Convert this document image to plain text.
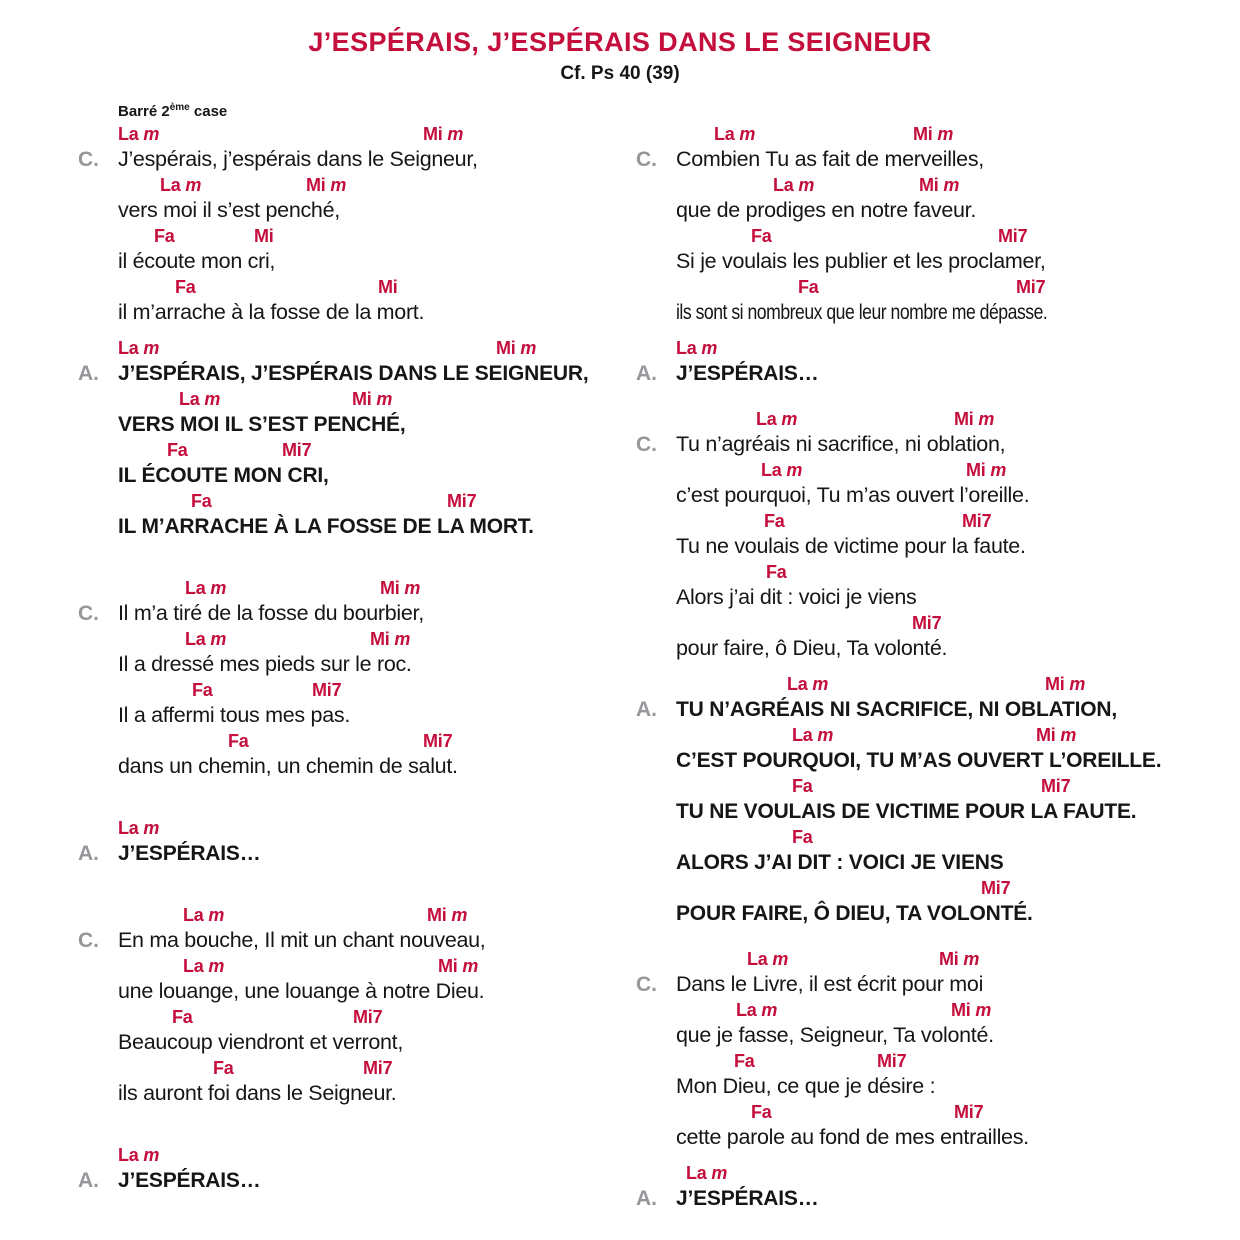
J’ESPÉRAIS, J’ESPÉRAIS DANS LE SEIGNEUR
Cf. Ps 40 (39)
Barré 2ème case
C.
La m	Mi m
J’espérais, j’espérais dans le Seigneur,
La m	Mi m
vers moi il s’est penché,
Fa	Mi
il écoute mon cri,
Fa	Mi
il m’arrache à la fosse de la mort.
A.
La m	Mi m
J’ESPÉRAIS, J’ESPÉRAIS DANS LE SEIGNEUR,
La m	Mi m
VERS MOI IL S’EST PENCHÉ,
Fa	Mi7
IL ÉCOUTE MON CRI,
Fa	Mi7
IL M’ARRACHE À LA FOSSE DE LA MORT.
C.
La m	Mi m
Il m’a tiré de la fosse du bourbier,
La m	Mi m
Il a dressé mes pieds sur le roc.
Fa	Mi7
Il a affermi tous mes pas.
Fa	Mi7
dans un chemin, un chemin de salut.
A.
La m
J’ESPÉRAIS…
C.
La m	Mi m
En ma bouche, Il mit un chant nouveau,
La m	Mi m
une louange, une louange à notre Dieu.
Fa	Mi7
Beaucoup viendront et verront,
Fa	Mi7
ils auront foi dans le Seigneur.
A.
La m
J’ESPÉRAIS…
C.
La m	Mi m
Combien Tu as fait de merveilles,
La m	Mi m
que de prodiges en notre faveur.
Fa	Mi7
Si je voulais les publier et les proclamer,
Fa	Mi7
ils sont si nombreux que leur nombre me dépasse.
A.
La m
J’ESPÉRAIS…
C.
La m	Mi m
Tu n’agréais ni sacrifice, ni oblation,
La m	Mi m
c’est pourquoi, Tu m’as ouvert l’oreille.
Fa	Mi7
Tu ne voulais de victime pour la faute.
Fa
Alors j’ai dit : voici je viens
Mi7
pour faire, ô Dieu, Ta volonté.
A.
La m	Mi m
TU N’AGRÉAIS NI SACRIFICE, NI OBLATION,
La m	Mi m
C’EST POURQUOI, TU M’AS OUVERT L’OREILLE.
Fa	Mi7
TU NE VOULAIS DE VICTIME POUR LA FAUTE.
Fa
ALORS J’AI DIT : VOICI JE VIENS
Mi7
POUR FAIRE, Ô DIEU, TA VOLONTÉ.
C.
La m	Mi m
Dans le Livre, il est écrit pour moi
La m	Mi m
que je fasse, Seigneur, Ta volonté.
Fa	Mi7
Mon Dieu, ce que je désire :
Fa	Mi7
cette parole au fond de mes entrailles.
A.
La m
J’ESPÉRAIS…
